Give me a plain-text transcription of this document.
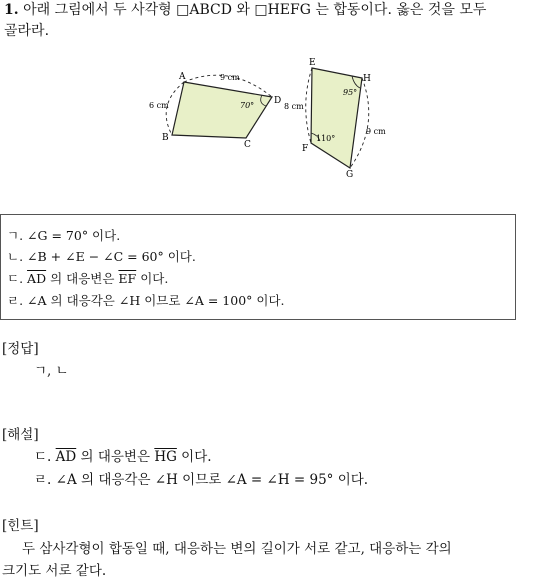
1. 아래 그림에서 두 사각형 □ABCD 와 □HEFG 는 합동이다. 옳은 것을 모두
골라라.
A
B
C
D
E
H
F
G
9 cm
6 cm	70°	8 cm
95°
110°
9 cm
ㄱ. ∠G = 70° 이다.
ㄴ. ∠B + ∠E − ∠C = 60° 이다.
ㄷ. $\overline{AD}$ 의 대응변은 $\overline{EF}$ 이다.
ㄹ. ∠A 의 대응각은 ∠H 이므로 ∠A = 100° 이다.
[정답]
ㄱ, ㄴ
[해설]
ㄷ. $\overline{AD}$ 의 대응변은 $\overline{HG}$ 이다.
ㄹ. ∠A 의 대응각은 ∠H 이므로 ∠A = ∠H = 95° 이다.
[힌트]
두 삼사각형이 합동일 때, 대응하는 변의 길이가 서로 같고, 대응하는 각의
크기도 서로 같다.
